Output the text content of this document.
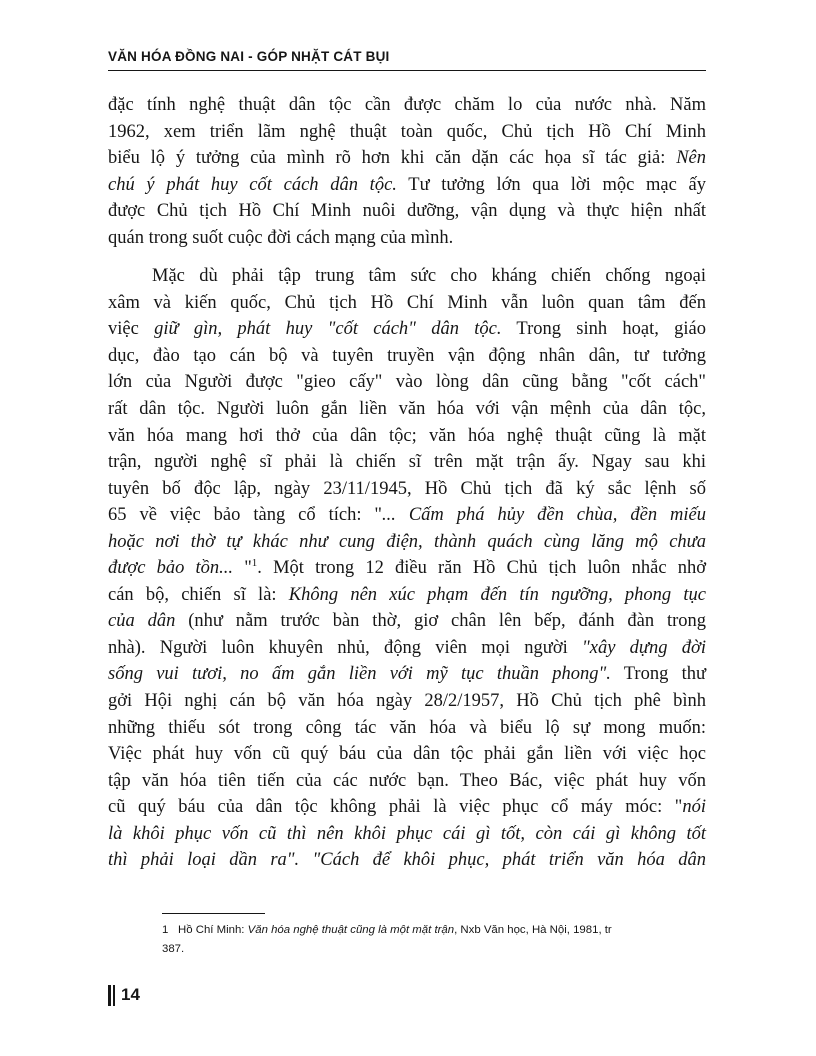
VĂN HÓA ĐỒNG NAI - GÓP NHẶT CÁT BỤI
đặc tính nghệ thuật dân tộc cần được chăm lo của nước nhà. Năm
1962, xem triển lãm nghệ thuật toàn quốc, Chủ tịch Hồ Chí Minh
biểu lộ ý tưởng của mình rõ hơn khi căn dặn các họa sĩ tác giả: Nên
chú ý phát huy cốt cách dân tộc. Tư tưởng lớn qua lời mộc mạc ấy
được Chủ tịch Hồ Chí Minh nuôi dưỡng, vận dụng và thực hiện nhất
quán trong suốt cuộc đời cách mạng của mình.
Mặc dù phải tập trung tâm sức cho kháng chiến chống ngoại
xâm và kiến quốc, Chủ tịch Hồ Chí Minh vẫn luôn quan tâm đến
việc giữ gìn, phát huy "cốt cách" dân tộc. Trong sinh hoạt, giáo
dục, đào tạo cán bộ và tuyên truyền vận động nhân dân, tư tưởng
lớn của Người được "gieo cấy" vào lòng dân cũng bằng "cốt cách"
rất dân tộc. Người luôn gắn liền văn hóa với vận mệnh của dân tộc,
văn hóa mang hơi thở của dân tộc; văn hóa nghệ thuật cũng là mặt
trận, người nghệ sĩ phải là chiến sĩ trên mặt trận ấy. Ngay sau khi
tuyên bố độc lập, ngày 23/11/1945, Hồ Chủ tịch đã ký sắc lệnh số
65 về việc bảo tàng cổ tích: "... Cấm phá hủy đền chùa, đền miếu
hoặc nơi thờ tự khác như cung điện, thành quách cùng lăng mộ chưa
được bảo tồn... "$^1$. Một trong 12 điều răn Hồ Chủ tịch luôn nhắc nhở
cán bộ, chiến sĩ là: Không nên xúc phạm đến tín ngưỡng, phong tục
của dân (như nằm trước bàn thờ, giơ chân lên bếp, đánh đàn trong
nhà). Người luôn khuyên nhủ, động viên mọi người "xây dựng đời
sống vui tươi, no ấm gắn liền với mỹ tục thuần phong". Trong thư
gởi Hội nghị cán bộ văn hóa ngày 28/2/1957, Hồ Chủ tịch phê bình
những thiếu sót trong công tác văn hóa và biểu lộ sự mong muốn:
Việc phát huy vốn cũ quý báu của dân tộc phải gắn liền với việc học
tập văn hóa tiên tiến của các nước bạn. Theo Bác, việc phát huy vốn
cũ quý báu của dân tộc không phải là việc phục cổ máy móc: "nói
là khôi phục vốn cũ thì nên khôi phục cái gì tốt, còn cái gì không tốt
thì phải loại dần ra". "Cách để khôi phục, phát triển văn hóa dân
1 Hồ Chí Minh: Văn hóa nghệ thuật cũng là một mặt trận, Nxb Văn học, Hà Nội, 1981, tr
387.
14
